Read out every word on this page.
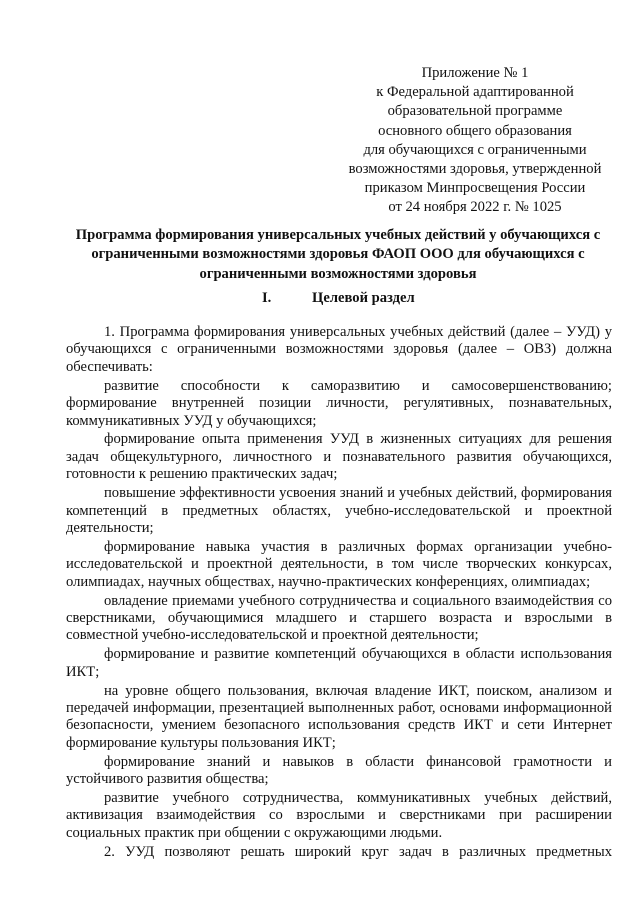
Приложение № 1
к Федеральной адаптированной
образовательной программе
основного общего образования
для обучающихся с ограниченными
возможностями здоровья, утвержденной
приказом Минпросвещения России
от 24 ноября 2022 г. № 1025
Программа формирования универсальных учебных действий у обучающихся с
ограниченными возможностями здоровья ФАОП ООО для обучающихся с
ограниченными возможностями здоровья
I.	Целевой раздел

1. Программа формирования универсальных учебных действий (далее – УУД) у обучающихся с ограниченными возможностями здоровья (далее – ОВЗ) должна обеспечивать:

развитие способности к саморазвитию и самосовершенствованию; формирование внутренней позиции личности, регулятивных, познавательных, коммуникативных УУД у обучающихся;

формирование опыта применения УУД в жизненных ситуациях для решения задач общекультурного, личностного и познавательного развития обучающихся, готовности к решению практических задач;

повышение эффективности усвоения знаний и учебных действий, формирования компетенций в предметных областях, учебно-исследовательской и проектной деятельности;

формирование навыка участия в различных формах организации учебно-исследовательской и проектной деятельности, в том числе творческих конкурсах, олимпиадах, научных обществах, научно-практических конференциях, олимпиадах;

овладение приемами учебного сотрудничества и социального взаимодействия со сверстниками, обучающимися младшего и старшего возраста и взрослыми в совместной учебно-исследовательской и проектной деятельности;

формирование и развитие компетенций обучающихся в области использования ИКТ;

на уровне общего пользования, включая владение ИКТ, поиском, анализом и передачей информации, презентацией выполненных работ, основами информационной безопасности, умением безопасного использования средств ИКТ и сети Интернет формирование культуры пользования ИКТ;

формирование знаний и навыков в области финансовой грамотности и устойчивого развития общества;

развитие учебного сотрудничества, коммуникативных учебных действий, активизация взаимодействия со взрослыми и сверстниками при расширении социальных практик при общении с окружающими людьми.

2. УУД позволяют решать широкий круг задач в различных предметных
